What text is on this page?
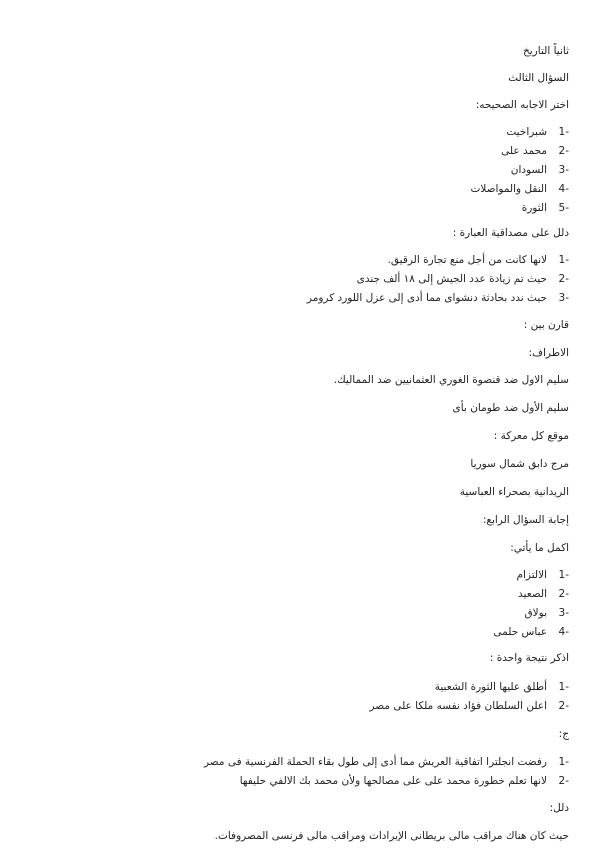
ثانياً التاريخ
السؤال الثالث
اختر الاجابه الصحيحه:
-1شبراخيت
-2محمد على
-3السودان
-4النقل والمواصلات
-5الثورة
دلل على مصداقية العبارة :
-1لانها كانت من أجل منع تجارة الرقيق.
-2حيث تم زيادة عدد الجيش إلى ١٨ ألف جندى
-3حيث ندد بحادثة دنشواى مما أدى إلى عزل اللورد كرومر
قارن بين :
الاطراف:
سليم الاول ضد قنصوة الغوري العثمانيين ضد المماليك.
سليم الأول ضد طومان بأى
موقع كل معركة :
مرج دابق شمال سوريا
الريدانية بصحراء العباسية
إجابة السؤال الرابع:
اكمل ما يأتي:
-1الالتزام
-2الصعيد
-3بولاق
-4عباس حلمى
اذكر نتيجة واحدة :
-1أطلق عليها الثورة الشعبية
-2اعلن السلطان فؤاد نفسه ملكا على مصر
ج:
-1رفضت انجلترا اتفاقية العريش مما أدى إلى طول بقاء الحملة الفرنسية فى مصر
-2لانها تعلم خطورة محمد على على مصالحها ولأن محمد بك الالفي حليفها
دلل:
حيث كان هناك مراقب مالى بريطانى الإيرادات ومراقب مالى فرنسى المصروفات.
